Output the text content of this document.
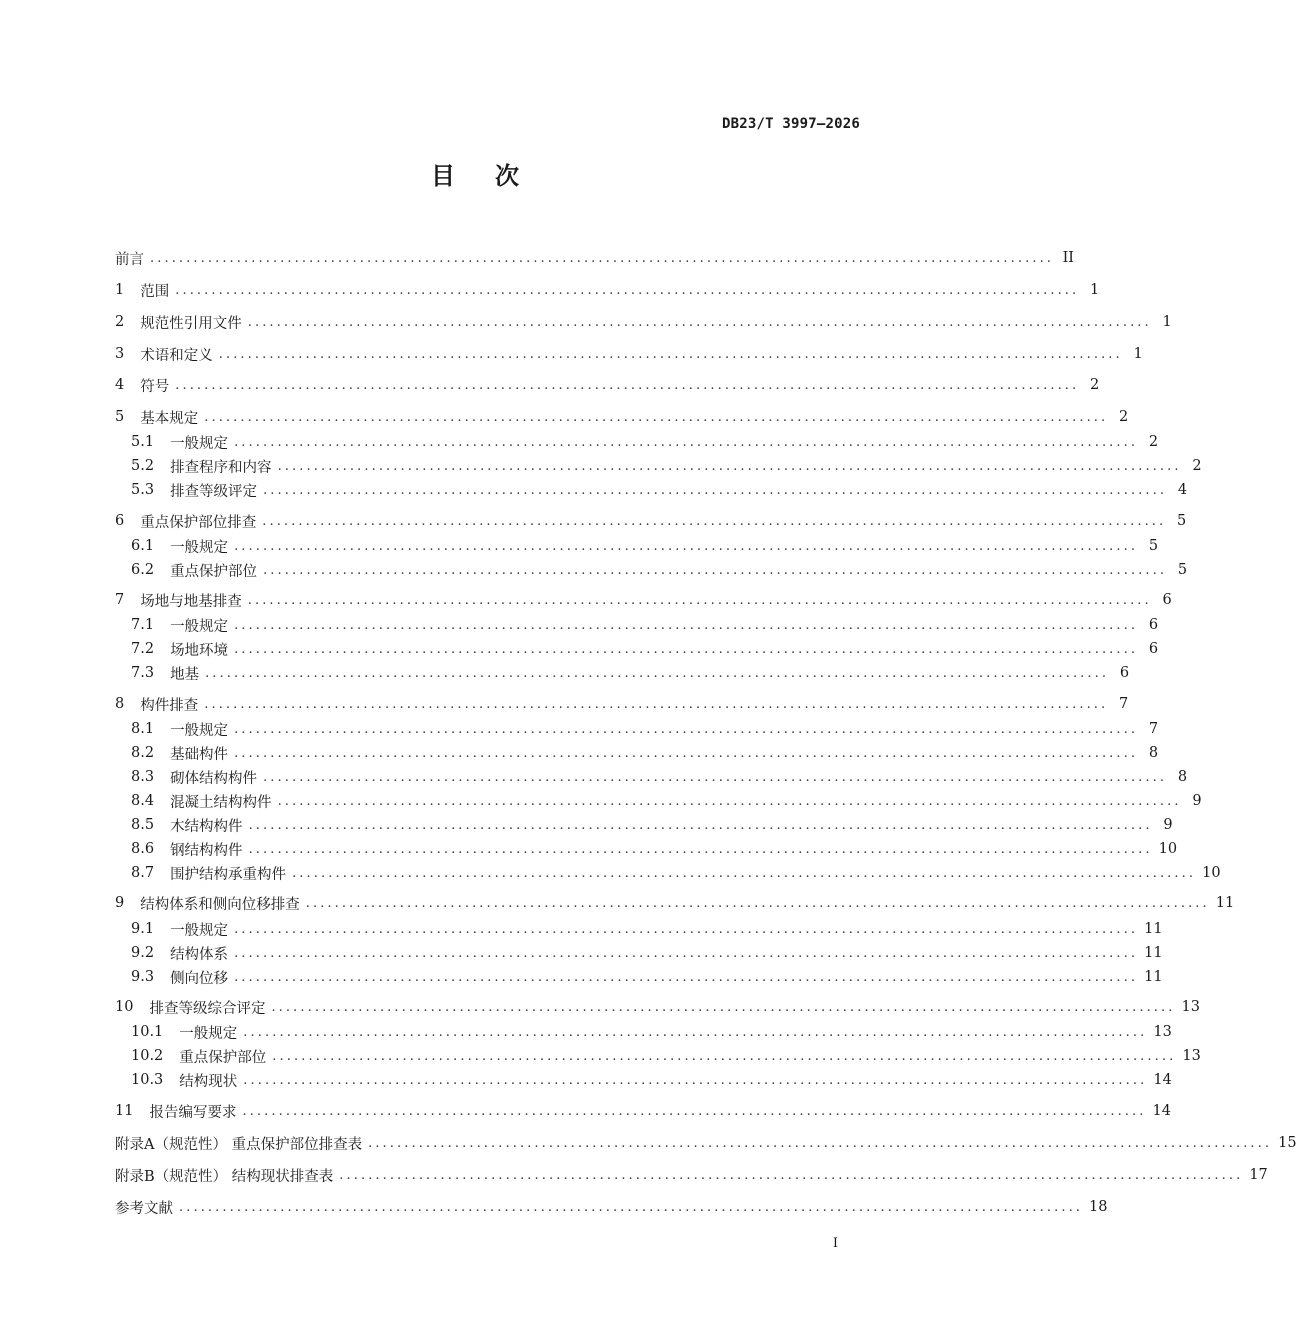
DB23/T 3997—2026
目次
前言 ............................................................................................................................. II
1 范围 ............................................................................................................................. 1
2 规范性引用文件 ............................................................................................................................. 1
3 术语和定义 ............................................................................................................................. 1
4 符号 ............................................................................................................................. 2
5 基本规定 ............................................................................................................................. 2
5.1 一般规定 ............................................................................................................................. 2
5.2 排查程序和内容 ............................................................................................................................. 2
5.3 排查等级评定 ............................................................................................................................. 4
6 重点保护部位排查 ............................................................................................................................. 5
6.1 一般规定 ............................................................................................................................. 5
6.2 重点保护部位 ............................................................................................................................. 5
7 场地与地基排查 ............................................................................................................................. 6
7.1 一般规定 ............................................................................................................................. 6
7.2 场地环境 ............................................................................................................................. 6
7.3 地基 ............................................................................................................................. 6
8 构件排查 ............................................................................................................................. 7
8.1 一般规定 ............................................................................................................................. 7
8.2 基础构件 ............................................................................................................................. 8
8.3 砌体结构构件 ............................................................................................................................. 8
8.4 混凝土结构构件 ............................................................................................................................. 9
8.5 木结构构件 ............................................................................................................................. 9
8.6 钢结构构件 ............................................................................................................................. 10
8.7 围护结构承重构件 ............................................................................................................................. 10
9 结构体系和侧向位移排查 ............................................................................................................................. 11
9.1 一般规定 ............................................................................................................................. 11
9.2 结构体系 ............................................................................................................................. 11
9.3 侧向位移 ............................................................................................................................. 11
10 排查等级综合评定 ............................................................................................................................. 13
10.1 一般规定 ............................................................................................................................. 13
10.2 重点保护部位 ............................................................................................................................. 13
10.3 结构现状 ............................................................................................................................. 14
11 报告编写要求 ............................................................................................................................. 14
附录A（规范性） 重点保护部位排查表 ............................................................................................................................. 15
附录B（规范性） 结构现状排查表 ............................................................................................................................. 17
参考文献 ............................................................................................................................. 18
I
